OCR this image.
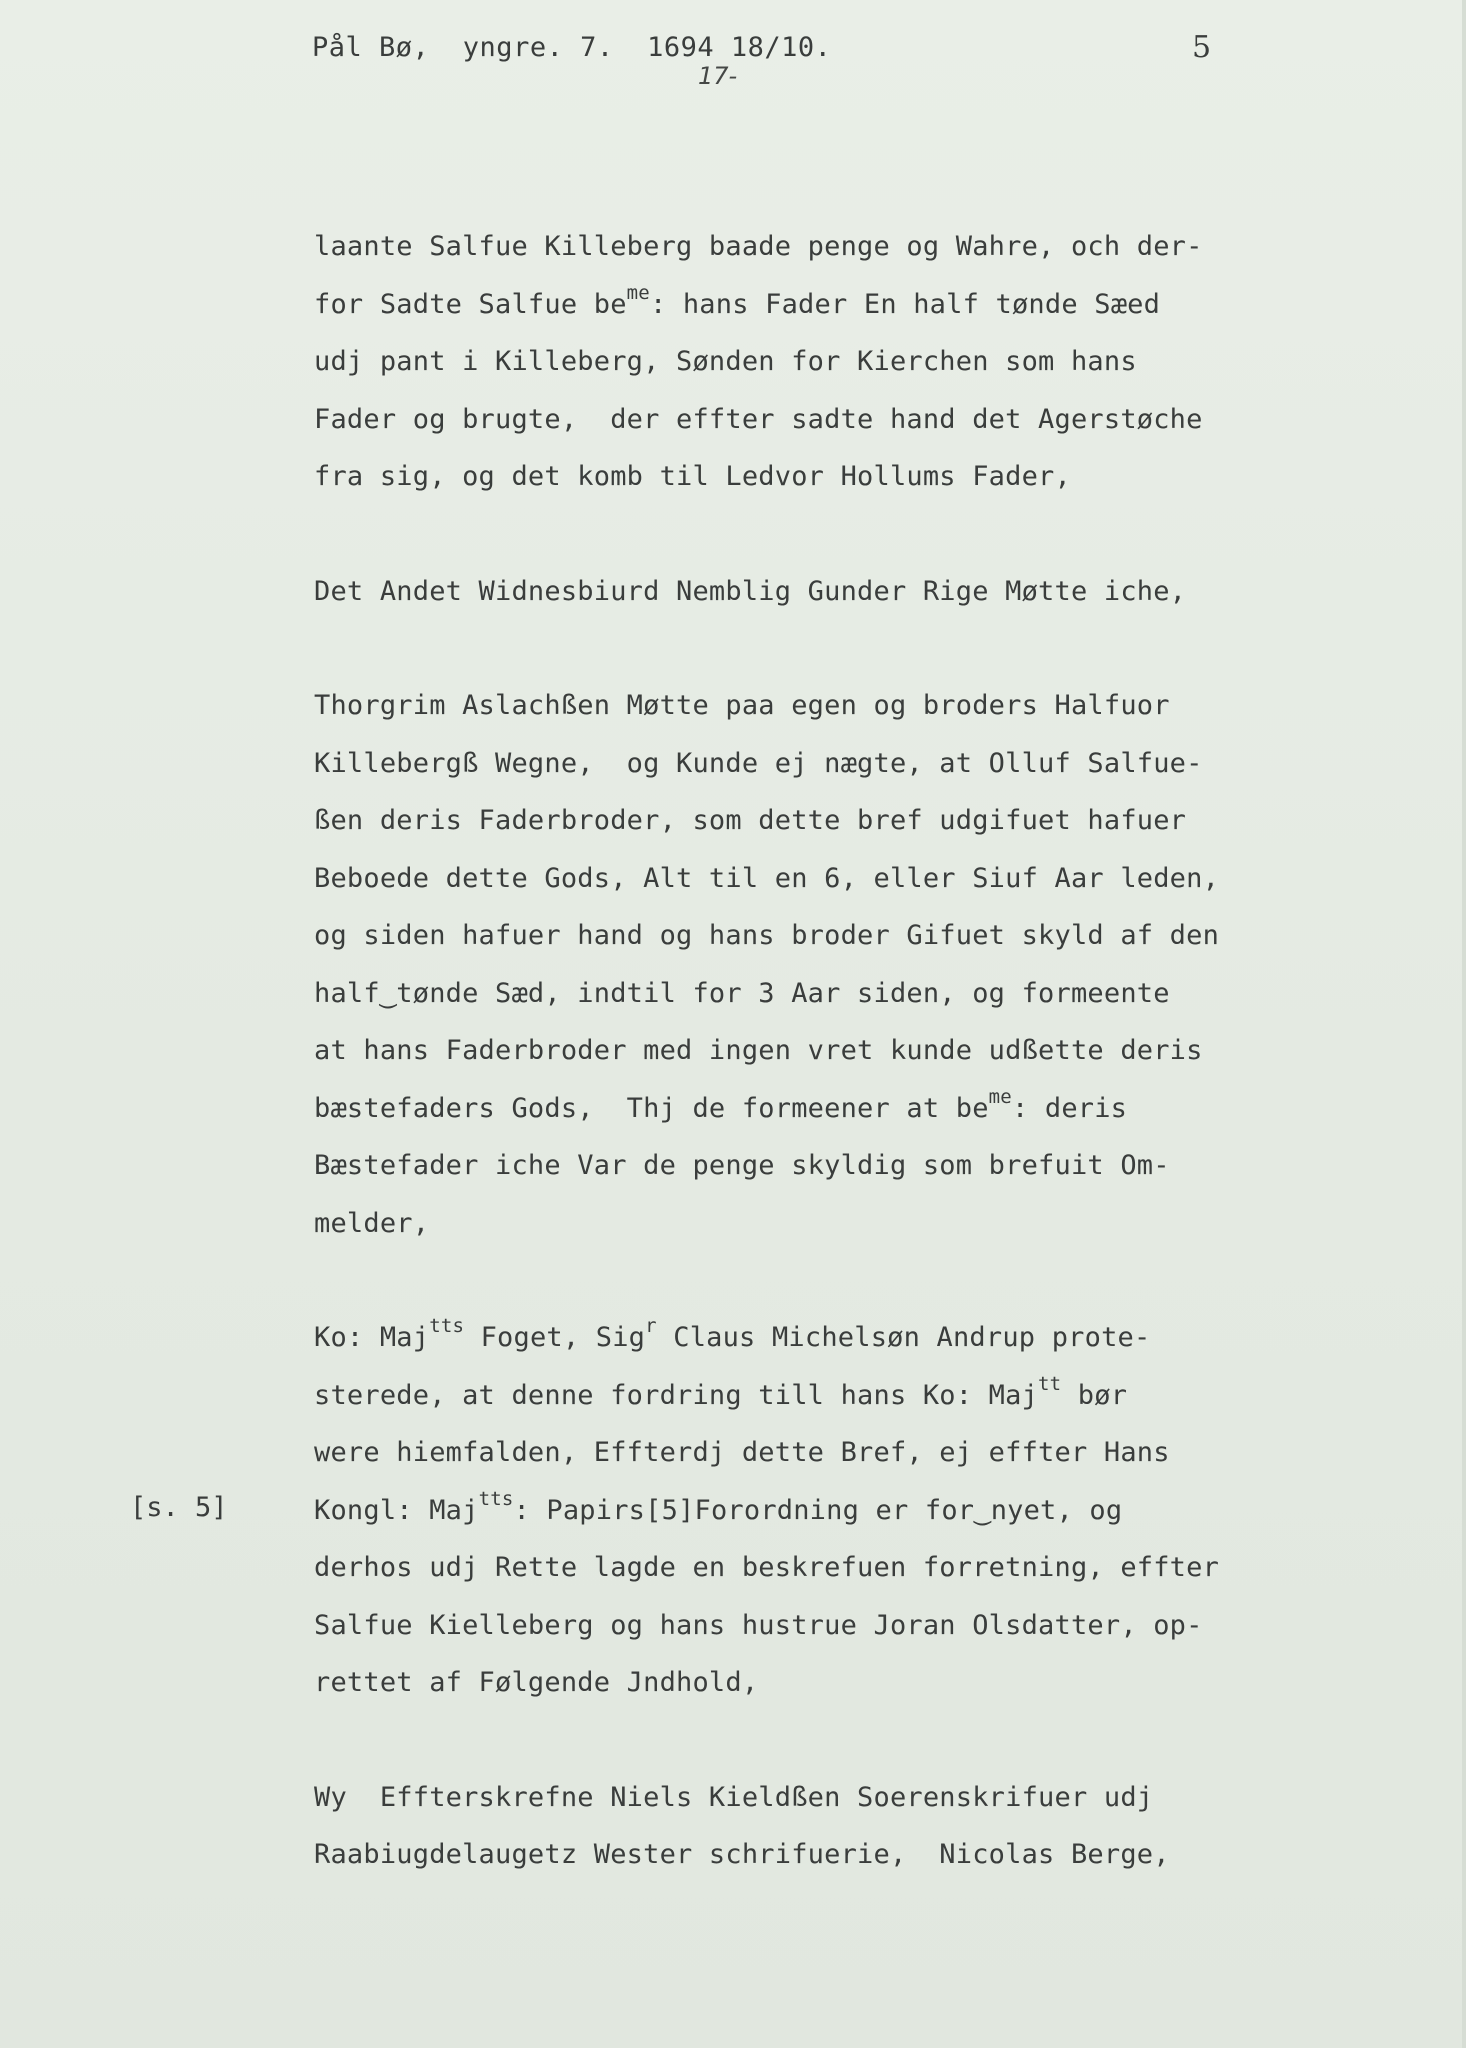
Pål Bø,  yngre. 7.  1694 18/10.
17-
5
[s. 5]
laante Salfue Killeberg baade penge og Wahre, och der-
for Sadte Salfue $be^{me}$: hans Fader En half tønde Sæed
udj pant i Killeberg, Sønden for Kierchen som hans
Fader og brugte,  der effter sadte hand det Agerstøche
fra sig, og det komb til Ledvor Hollums Fader,
Det Andet Widnesbiurd Nemblig Gunder Rige Møtte iche,
Thorgrim Aslachßen Møtte paa egen og broders Halfuor
Killebergß Wegne,  og Kunde ej nægte, at Olluf Salfue-
ßen deris Faderbroder, som dette bref udgifuet hafuer
Beboede dette Gods, Alt til en 6, eller Siuf Aar leden,
og siden hafuer hand og hans broder Gifuet skyld af den
half‿tønde Sæd, indtil for 3 Aar siden, og formeente
at hans Faderbroder med ingen vret kunde udßette deris
bæstefaders Gods,  Thj de formeener at $be^{me}$: deris
Bæstefader iche Var de penge skyldig som brefuit Om-
melder,
Ko: Maj$^{tts}$ Foget, Sig$^r$ Claus Michelsøn Andrup prote-
sterede, at denne fordring till hans Ko: Maj$^{tt}$ bør
were hiemfalden, Effterdj dette Bref, ej effter Hans
Kongl: Maj$^{tts}$: Papirs[5]Forordning er for‿nyet, og
derhos udj Rette lagde en beskrefuen forretning, effter
Salfue Kielleberg og hans hustrue Joran Olsdatter, op-
rettet af Følgende Jndhold,
Wy  Effterskrefne Niels Kieldßen Soerenskrifuer udj
Raabiugdelaugetz Wester schrifuerie,  Nicolas Berge,
